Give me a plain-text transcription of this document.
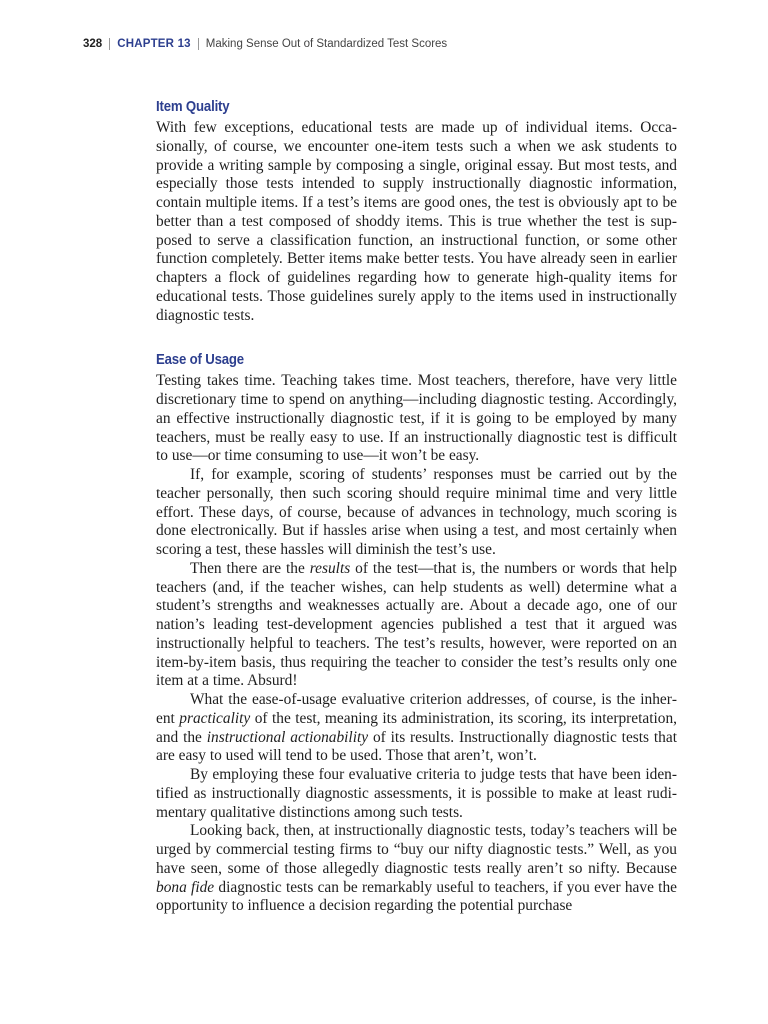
328 CHAPTER 13 Making Sense Out of Standardized Test Scores
Item Quality

With few exceptions, educational tests are made up of individual items. Occasionally, of course, we encounter one-item tests such a when we ask students to provide a writing sample by composing a single, original essay. But most tests, and especially those tests intended to supply instructionally diagnostic information, contain multiple items. If a test’s items are good ones, the test is obviously apt to be better than a test composed of shoddy items. This is true whether the test is supposed to serve a classification function, an instructional function, or some other function completely. Better items make better tests. You have already seen in earlier chapters a flock of guidelines regarding how to generate high-quality items for educational tests. Those guidelines surely apply to the items used in instructionally diagnostic tests.

Ease of Usage

Testing takes time. Teaching takes time. Most teachers, therefore, have very little discretionary time to spend on anything—including diagnostic testing. Accordingly, an effective instructionally diagnostic test, if it is going to be employed by many teachers, must be really easy to use. If an instructionally diagnostic test is difficult to use—or time consuming to use—it won’t be easy.

If, for example, scoring of students’ responses must be carried out by the teacher personally, then such scoring should require minimal time and very little effort. These days, of course, because of advances in technology, much scoring is done electronically. But if hassles arise when using a test, and most certainly when scoring a test, these hassles will diminish the test’s use.

Then there are the results of the test—that is, the numbers or words that help teachers (and, if the teacher wishes, can help students as well) determine what a student’s strengths and weaknesses actually are. About a decade ago, one of our nation’s leading test-development agencies published a test that it argued was instructionally helpful to teachers. The test’s results, however, were reported on an item-by-item basis, thus requiring the teacher to consider the test’s results only one item at a time. Absurd!

What the ease-of-usage evaluative criterion addresses, of course, is the inherent practicality of the test, meaning its administration, its scoring, its interpretation, and the instructional actionability of its results. Instructionally diagnostic tests that are easy to used will tend to be used. Those that aren’t, won’t.

By employing these four evaluative criteria to judge tests that have been identified as instructionally diagnostic assessments, it is possible to make at least rudimentary qualitative distinctions among such tests.

Looking back, then, at instructionally diagnostic tests, today’s teachers will be urged by commercial testing firms to “buy our nifty diagnostic tests.” Well, as you have seen, some of those allegedly diagnostic tests really aren’t so nifty. Because bona fide diagnostic tests can be remarkably useful to teachers, if you ever have the opportunity to influence a decision regarding the potential purchase
